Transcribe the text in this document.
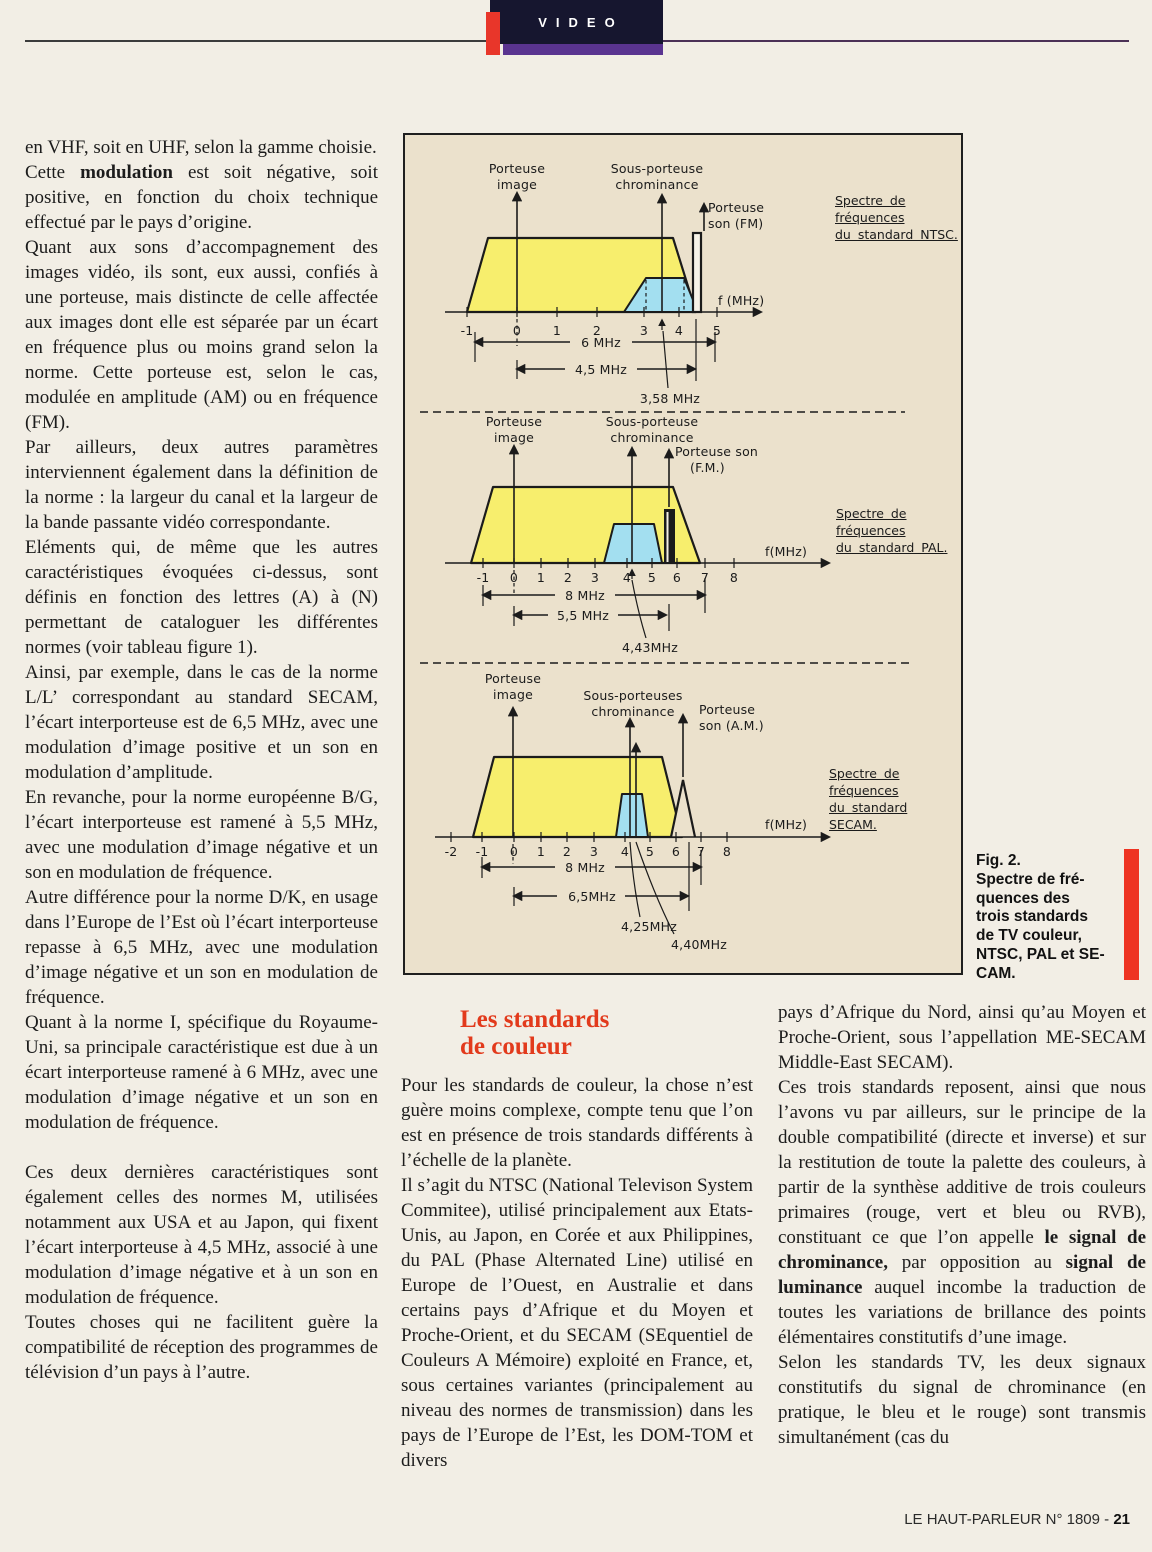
VIDEO

en VHF, soit en UHF, selon la gamme choisie.

Cette modulation est soit négative, soit positive, en fonction du choix technique effectué par le pays d’origine.

Quant aux sons d’accompagnement des images vidéo, ils sont, eux aussi, confiés à une porteuse, mais distincte de celle affectée aux images dont elle est séparée par un écart en fréquence plus ou moins grand selon la norme. Cette porteuse est, selon le cas, modulée en amplitude (AM) ou en fréquence (FM).

Par ailleurs, deux autres paramètres interviennent également dans la définition de la norme : la largeur du canal et la largeur de la bande passante vidéo correspondante.

Eléments qui, de même que les autres caractéristiques évoquées ci-dessus, sont définis en fonction des lettres (A) à (N) permettant de cataloguer les différentes normes (voir tableau figure 1).

Ainsi, par exemple, dans le cas de la norme L/L’ correspondant au standard SECAM, l’écart interporteuse est de 6,5 MHz, avec une modulation d’image positive et un son en modulation d’amplitude.

En revanche, pour la norme européenne B/G, l’écart interporteuse est ramené à 5,5 MHz, avec une modulation d’image négative et un son en modulation de fréquence.

Autre différence pour la norme D/K, en usage dans l’Europe de l’Est où l’écart interporteuse repasse à 6,5 MHz, avec une modulation d’image négative et un son en modulation de fréquence.

Quant à la norme I, spécifique du Royaume-Uni, sa principale caractéristique est due à un écart interporteuse ramené à 6 MHz, avec une modulation d’image négative et un son en modulation de fréquence.

Ces deux dernières caractéristiques sont également celles des normes M, utilisées notamment aux USA et au Japon, qui fixent l’écart interporteuse à 4,5 MHz, associé à une modulation d’image négative et à un son en modulation de fréquence.

Toutes choses qui ne facilitent guère la compatibilité de réception des programmes de télévision d’un pays à l’autre.

Spectre de fréquences
du standard NTSC.
Spectre de fréquences
du standard PAL.
Spectre de fréquences
du standard SECAM.
Porteuse
image
Sous-porteuse
chrominance
Porteuse
son (FM)
f (MHz)
-1	0	1	2	3 4 5
6 MHz
4,5 MHz
3,58 MHz
Porteuse
image
Sous-porteuse
chrominance
Porteuse son
(F.M.)
f(MHz)
-1 0 1 2 3 4 5 6 7 8
8 MHz
5,5 MHz
4,43MHz
Porteuse
image	Sous-porteuses
chrominance Porteuse
son (A.M.)
f(MHz)
-2 -1 0 1 2 3 4 5 6 7 8
8 MHz
6,5MHz
4,25MHz
4,40MHz
Fig. 2.
Spectre de fré-
quences des
trois standards
de TV couleur,
NTSC, PAL et SE-
CAM.
Les standards
de couleur

Pour les standards de couleur, la chose n’est guère moins complexe, compte tenu que l’on est en présence de trois standards différents à l’échelle de la planète.

Il s’agit du NTSC (National Televison System Commitee), utilisé principalement aux Etats-Unis, au Japon, en Corée et aux Philippines, du PAL (Phase Alternated Line) utilisé en Europe de l’Ouest, en Australie et dans certains pays d’Afrique et du Moyen et Proche-Orient, et du SECAM (SEquentiel de Couleurs A Mémoire) exploité en France, et, sous certaines variantes (principalement au niveau des normes de transmission) dans les pays de l’Europe de l’Est, les DOM-TOM et divers

pays d’Afrique du Nord, ainsi qu’au Moyen et Proche-Orient, sous l’appellation ME-SECAM Middle-East SECAM).

Ces trois standards reposent, ainsi que nous l’avons vu par ailleurs, sur le principe de la double compatibilité (directe et inverse) et sur la restitution de toute la palette des couleurs, à partir de la synthèse additive de trois couleurs primaires (rouge, vert et bleu ou RVB), constituant ce que l’on appelle le signal de chrominance, par opposition au signal de luminance auquel incombe la traduction de toutes les variations de brillance des points élémentaires constitutifs d’une image.

Selon les standards TV, les deux signaux constitutifs du signal de chrominance (en pratique, le bleu et le rouge) sont transmis simultanément (cas du

LE HAUT-PARLEUR N° 1809 - 21
